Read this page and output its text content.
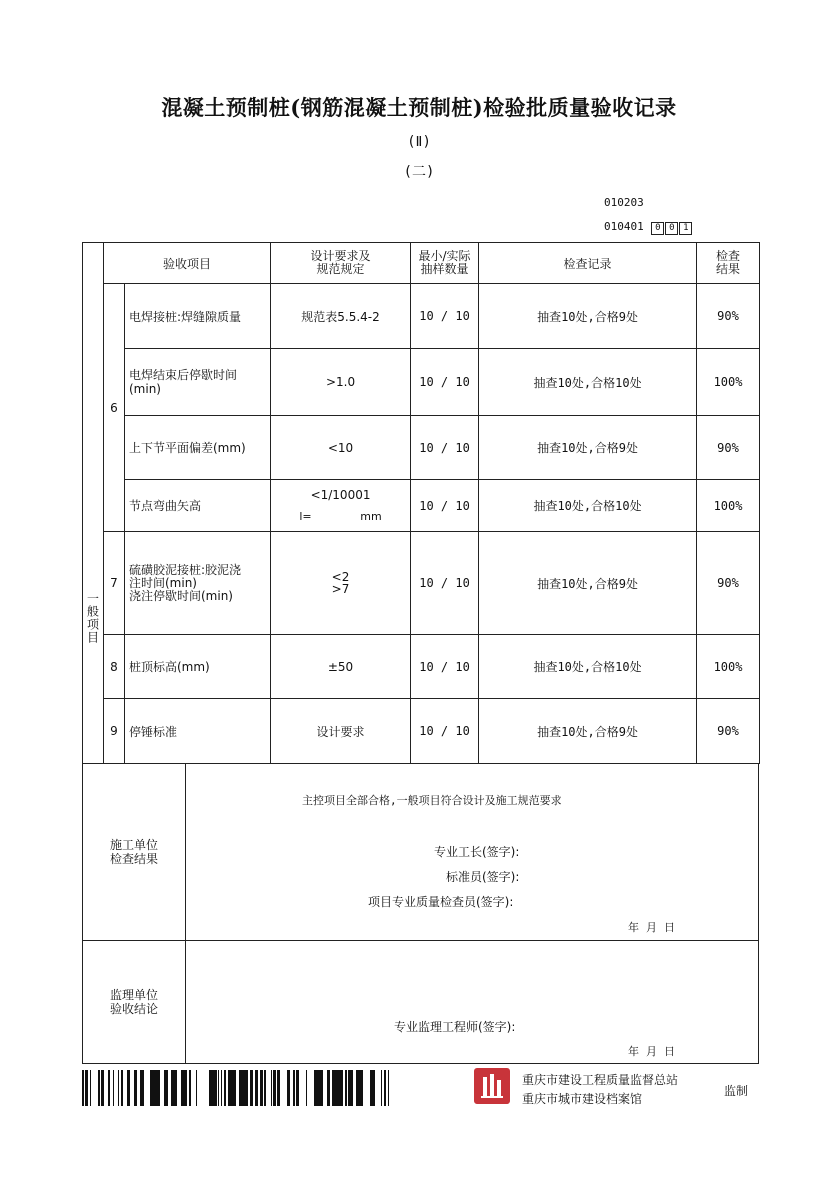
混凝土预制桩(钢筋混凝土预制桩)检验批质量验收记录
(Ⅱ)
(二)
010203
010401 0 0 1
一般项目	验收项目		设计要求及
规范规定	最小/实际
抽样数量	检查记录	检查
结果
	6	电焊接桩:焊缝隙质量	规范表5.5.4-2	10 / 10	抽查10处,合格9处	90%
		电焊结束后停歇时间
(min)	>1.0	10 / 10	抽查10处,合格10处	100%
		上下节平面偏差(mm)	<10	10 / 10	抽查10处,合格9处	90%
		节点弯曲矢高	<1/10001
l= mm	10 / 10	抽查10处,合格10处	100%
	7	硫磺胶泥接桩:胶泥浇
注时间(min)
浇注停歇时间(min)	<2
>7	10 / 10	抽查10处,合格9处	90%
	8	桩顶标高(mm)	±50	10 / 10	抽查10处,合格10处	100%
	9	停锤标准	设计要求	10 / 10	抽查10处,合格9处	90%
施工单位
检查结果
主控项目全部合格,一般项目符合设计及施工规范要求
专业工长(签字):
标准员(签字):
项目专业质量检查员(签字):
年  月  日
监理单位
验收结论
专业监理工程师(签字):
年  月  日
重庆市建设工程质量监督总站
重庆市城市建设档案馆
监制
